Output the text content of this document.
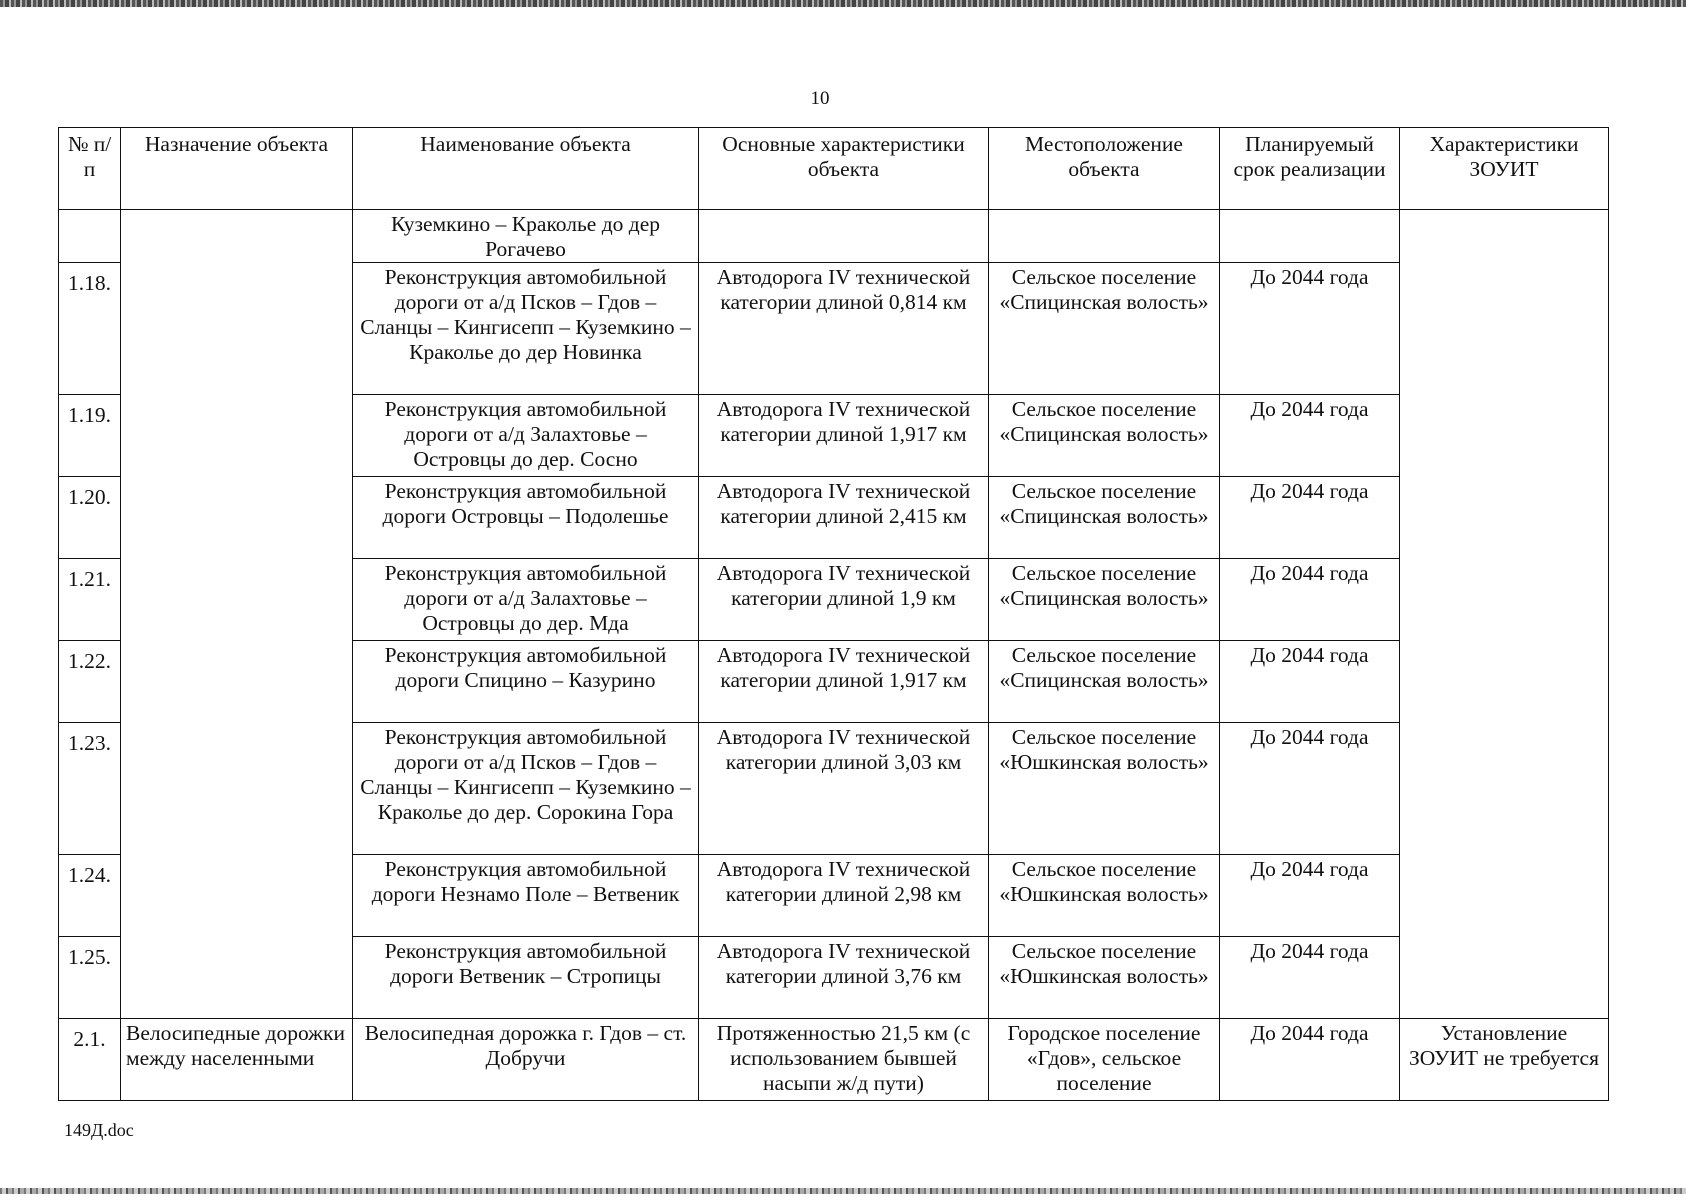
10
№ п/п	Назначение объекта	Наименование объекта	Основные характеристики объекта	Местоположение объекта	Планируемый срок реализации	Характеристики ЗОУИТ
		Куземкино – Краколье до дер Рогачево				
1.18.		Реконструкция автомобильной дороги от а/д Псков – Гдов – Сланцы – Кингисепп – Куземкино – Краколье до дер Новинка	Автодорога IV технической категории длиной 0,814 км	Сельское поселение «Спицинская волость»	До 2044 года	
1.19.		Реконструкция автомобильной дороги от а/д Залахтовье – Островцы до дер. Сосно	Автодорога IV технической категории длиной 1,917 км	Сельское поселение «Спицинская волость»	До 2044 года	
1.20.		Реконструкция автомобильной дороги Островцы – Подолешье	Автодорога IV технической категории длиной 2,415 км	Сельское поселение «Спицинская волость»	До 2044 года	
1.21.		Реконструкция автомобильной дороги от а/д Залахтовье – Островцы до дер. Мда	Автодорога IV технической категории длиной 1,9 км	Сельское поселение «Спицинская волость»	До 2044 года	
1.22.		Реконструкция автомобильной дороги Спицино – Казурино	Автодорога IV технической категории длиной 1,917 км	Сельское поселение «Спицинская волость»	До 2044 года	
1.23.		Реконструкция автомобильной дороги от а/д Псков – Гдов – Сланцы – Кингисепп – Куземкино – Краколье до дер. Сорокина Гора	Автодорога IV технической категории длиной 3,03 км	Сельское поселение «Юшкинская волость»	До 2044 года	
1.24.		Реконструкция автомобильной дороги Незнамо Поле – Ветвеник	Автодорога IV технической категории длиной 2,98 км	Сельское поселение «Юшкинская волость»	До 2044 года	
1.25.		Реконструкция автомобильной дороги Ветвеник – Стропицы	Автодорога IV технической категории длиной 3,76 км	Сельское поселение «Юшкинская волость»	До 2044 года	
2.1.	Велосипедные дорожки между населенными	Велосипедная дорожка г. Гдов – ст. Добручи	Протяженностью 21,5 км (с использованием бывшей насыпи ж/д пути)	Городское поселение «Гдов», сельское поселение	До 2044 года	Установление ЗОУИТ не требуется
149Д.doc
